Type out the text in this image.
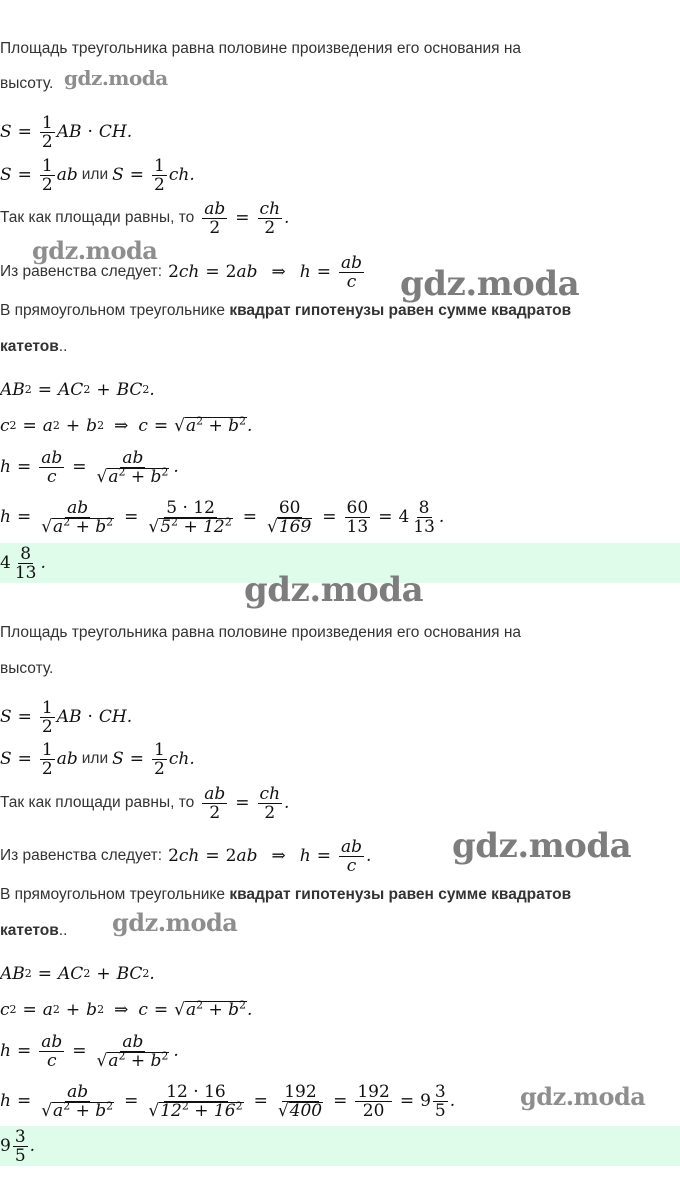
Площадь треугольника равна половине произведения его основания на
высоту.
$S = \frac{1}{2}$ AB · CH.
$S = \frac{1}{2}$ ab или $S = \frac{1}{2}$ ch.
Так как площади равны, то $\frac{ab}{2} = \frac{ch}{2}$ .
Из равенства следует: 2 ch = 2 ab ⇒ $h = \frac{ab}{c}$
В прямоугольном треугольнике квадрат гипотенузы равен сумме квадратов
катетов..
AB 2 = AC 2 + BC 2 .
c 2 = a 2 + b 2 ⇒ c = √ $a^2 + b^2$ .
$h = \frac{ab}{c} = \frac{ab}{√ a^2 + b^2}$ .
$h = \frac{ab}{√ a^2 + b^2} = \frac{5 \cdot 12}{√ 5^2 + 12^2} = \frac{60}{√ 169} = \frac{60}{13} = 4 \frac{8}{13}$ .
$4 \frac{8}{13}$ .
Площадь треугольника равна половине произведения его основания на
высоту.
$S = \frac{1}{2}$ AB · CH.
$S = \frac{1}{2}$ ab или $S = \frac{1}{2}$ ch.
Так как площади равны, то $\frac{ab}{2} = \frac{ch}{2}$ .
Из равенства следует: 2 ch = 2 ab ⇒ $h = \frac{ab}{c}$ .
В прямоугольном треугольнике квадрат гипотенузы равен сумме квадратов
катетов..
AB 2 = AC 2 + BC 2 .
c 2 = a 2 + b 2 ⇒ c = √ $a^2 + b^2$ .
$h = \frac{ab}{c} = \frac{ab}{√ a^2 + b^2}$ .
$h = \frac{ab}{√ a^2 + b^2} = \frac{12 \cdot 16}{√ 12^2 + 16^2} = \frac{192}{√ 400} = \frac{192}{20} = 9 \frac{3}{5}$ .
$9 \frac{3}{5}$ .
gdz.moda
gdz.moda
gdz.moda
gdz.moda
gdz.moda
gdz.moda
gdz.moda
